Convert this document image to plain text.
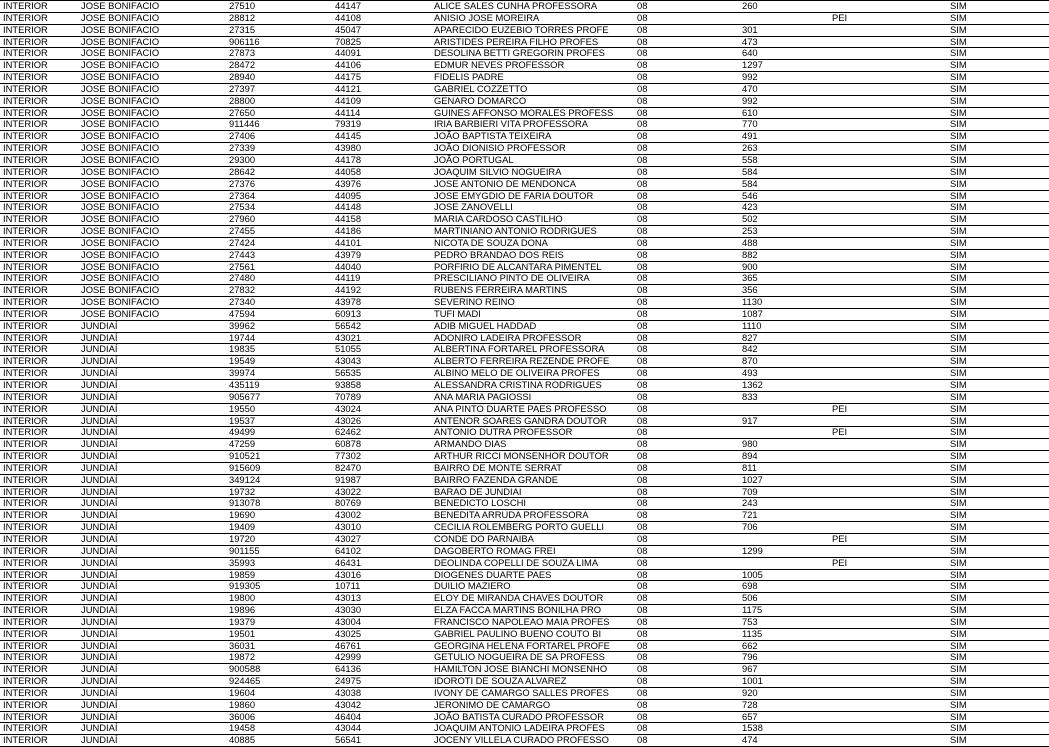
INTERIOR	JOSE BONIFACIO	27510	44147	ALICE SALES CUNHA PROFESSORA	08	260		SIM
INTERIOR	JOSE BONIFACIO	28812	44108	ANISIO JOSE MOREIRA	08		PEI	SIM
INTERIOR	JOSE BONIFACIO	27315	45047	APARECIDO EUZEBIO TORRES PROFE	08	301		SIM
INTERIOR	JOSE BONIFACIO	906116	70825	ARISTIDES PEREIRA FILHO PROFES	08	473		SIM
INTERIOR	JOSE BONIFACIO	27873	44091	DESOLINA BETTI GREGORIN PROFES	08	640		SIM
INTERIOR	JOSE BONIFACIO	28472	44106	EDMUR NEVES PROFESSOR	08	1297		SIM
INTERIOR	JOSE BONIFACIO	28940	44175	FIDELIS PADRE	08	992		SIM
INTERIOR	JOSE BONIFACIO	27397	44121	GABRIEL COZZETTO	08	470		SIM
INTERIOR	JOSE BONIFACIO	28800	44109	GENARO DOMARCO	08	992		SIM
INTERIOR	JOSE BONIFACIO	27650	44114	GUINES AFFONSO MORALES PROFESS	08	610		SIM
INTERIOR	JOSE BONIFACIO	911446	79319	IRIA BARBIERI VITA PROFESSORA	08	770		SIM
INTERIOR	JOSE BONIFACIO	27406	44145	JOÃO BAPTISTA TEIXEIRA	08	491		SIM
INTERIOR	JOSE BONIFACIO	27339	43980	JOÃO DIONISIO PROFESSOR	08	263		SIM
INTERIOR	JOSE BONIFACIO	29300	44178	JOÃO PORTUGAL	08	558		SIM
INTERIOR	JOSE BONIFACIO	28642	44058	JOAQUIM SILVIO NOGUEIRA	08	584		SIM
INTERIOR	JOSE BONIFACIO	27376	43976	JOSE ANTONIO DE MENDONCA	08	584		SIM
INTERIOR	JOSE BONIFACIO	27364	44095	JOSE EMYGDIO DE FARIA DOUTOR	08	546		SIM
INTERIOR	JOSE BONIFACIO	27534	44148	JOSE ZANOVELLI	08	423		SIM
INTERIOR	JOSE BONIFACIO	27960	44158	MARIA CARDOSO CASTILHO	08	502		SIM
INTERIOR	JOSE BONIFACIO	27455	44186	MARTINIANO ANTONIO RODRIGUES	08	253		SIM
INTERIOR	JOSE BONIFACIO	27424	44101	NICOTA DE SOUZA DONA	08	488		SIM
INTERIOR	JOSE BONIFACIO	27443	43979	PEDRO BRANDAO DOS REIS	08	882		SIM
INTERIOR	JOSE BONIFACIO	27561	44040	PORFIRIO DE ALCANTARA PIMENTEL	08	900		SIM
INTERIOR	JOSE BONIFACIO	27480	44119	PRESCILIANO PINTO DE OLIVEIRA	08	365		SIM
INTERIOR	JOSE BONIFACIO	27832	44192	RUBENS FERREIRA MARTINS	08	356		SIM
INTERIOR	JOSE BONIFACIO	27340	43978	SEVERINO REINO	08	1130		SIM
INTERIOR	JOSE BONIFACIO	47594	60913	TUFI MADI	08	1087		SIM
INTERIOR	JUNDIAÍ	39962	56542	ADIB MIGUEL HADDAD	08	1110		SIM
INTERIOR	JUNDIAÍ	19744	43021	ADONIRO LADEIRA PROFESSOR	08	827		SIM
INTERIOR	JUNDIAÍ	19835	51055	ALBERTINA FORTAREL PROFESSORA	08	842		SIM
INTERIOR	JUNDIAÍ	19549	43043	ALBERTO FERREIRA REZENDE PROFE	08	870		SIM
INTERIOR	JUNDIAÍ	39974	56535	ALBINO MELO DE OLIVEIRA PROFES	08	493		SIM
INTERIOR	JUNDIAÍ	435119	93858	ALESSANDRA CRISTINA RODRIGUES	08	1362		SIM
INTERIOR	JUNDIAÍ	905677	70789	ANA MARIA PAGIOSSI	08	833		SIM
INTERIOR	JUNDIAÍ	19550	43024	ANA PINTO DUARTE PAES PROFESSO	08		PEI	SIM
INTERIOR	JUNDIAÍ	19537	43026	ANTENOR SOARES GANDRA DOUTOR	08	917		SIM
INTERIOR	JUNDIAÍ	49499	62462	ANTONIO DUTRA PROFESSOR	08		PEI	SIM
INTERIOR	JUNDIAÍ	47259	60878	ARMANDO DIAS	08	980		SIM
INTERIOR	JUNDIAÍ	910521	77302	ARTHUR RICCI MONSENHOR DOUTOR	08	894		SIM
INTERIOR	JUNDIAÍ	915609	82470	BAIRRO DE MONTE SERRAT	08	811		SIM
INTERIOR	JUNDIAÍ	349124	91987	BAIRRO FAZENDA GRANDE	08	1027		SIM
INTERIOR	JUNDIAÍ	19732	43022	BARAO DE JUNDIAI	08	709		SIM
INTERIOR	JUNDIAÍ	913078	80769	BENEDICTO LOSCHI	08	243		SIM
INTERIOR	JUNDIAÍ	19690	43002	BENEDITA ARRUDA PROFESSORA	08	721		SIM
INTERIOR	JUNDIAÍ	19409	43010	CECILIA ROLEMBERG PORTO GUELLI	08	706		SIM
INTERIOR	JUNDIAÍ	19720	43027	CONDE DO PARNAIBA	08		PEI	SIM
INTERIOR	JUNDIAÍ	901155	64102	DAGOBERTO ROMAG FREI	08	1299		SIM
INTERIOR	JUNDIAÍ	35993	46431	DEOLINDA COPELLI DE SOUZA LIMA	08		PEI	SIM
INTERIOR	JUNDIAÍ	19859	43016	DIOGENES DUARTE PAES	08	1005		SIM
INTERIOR	JUNDIAÍ	919305	10711	DUILIO MAZIERO	08	698		SIM
INTERIOR	JUNDIAÍ	19800	43013	ELOY DE MIRANDA CHAVES DOUTOR	08	506		SIM
INTERIOR	JUNDIAÍ	19896	43030	ELZA FACCA MARTINS BONILHA PRO	08	1175		SIM
INTERIOR	JUNDIAÍ	19379	43004	FRANCISCO NAPOLEAO MAIA PROFES	08	753		SIM
INTERIOR	JUNDIAÍ	19501	43025	GABRIEL PAULINO BUENO COUTO BI	08	1135		SIM
INTERIOR	JUNDIAÍ	36031	46761	GEORGINA HELENA FORTAREL PROFE	08	662		SIM
INTERIOR	JUNDIAÍ	19872	42999	GETULIO NOGUEIRA DE SA PROFESS	08	796		SIM
INTERIOR	JUNDIAÍ	900588	64136	HAMILTON JOSE BIANCHI MONSENHO	08	967		SIM
INTERIOR	JUNDIAÍ	924465	24975	IDOROTI DE SOUZA ALVAREZ	08	1001		SIM
INTERIOR	JUNDIAÍ	19604	43038	IVONY DE CAMARGO SALLES PROFES	08	920		SIM
INTERIOR	JUNDIAÍ	19860	43042	JERONIMO DE CAMARGO	08	728		SIM
INTERIOR	JUNDIAÍ	36006	46404	JOÃO BATISTA CURADO PROFESSOR	08	657		SIM
INTERIOR	JUNDIAÍ	19458	43044	JOAQUIM ANTONIO LADEIRA PROFES	08	1538		SIM
INTERIOR	JUNDIAÍ	40885	56541	JOCENY VILLELA CURADO PROFESSO	08	474		SIM
